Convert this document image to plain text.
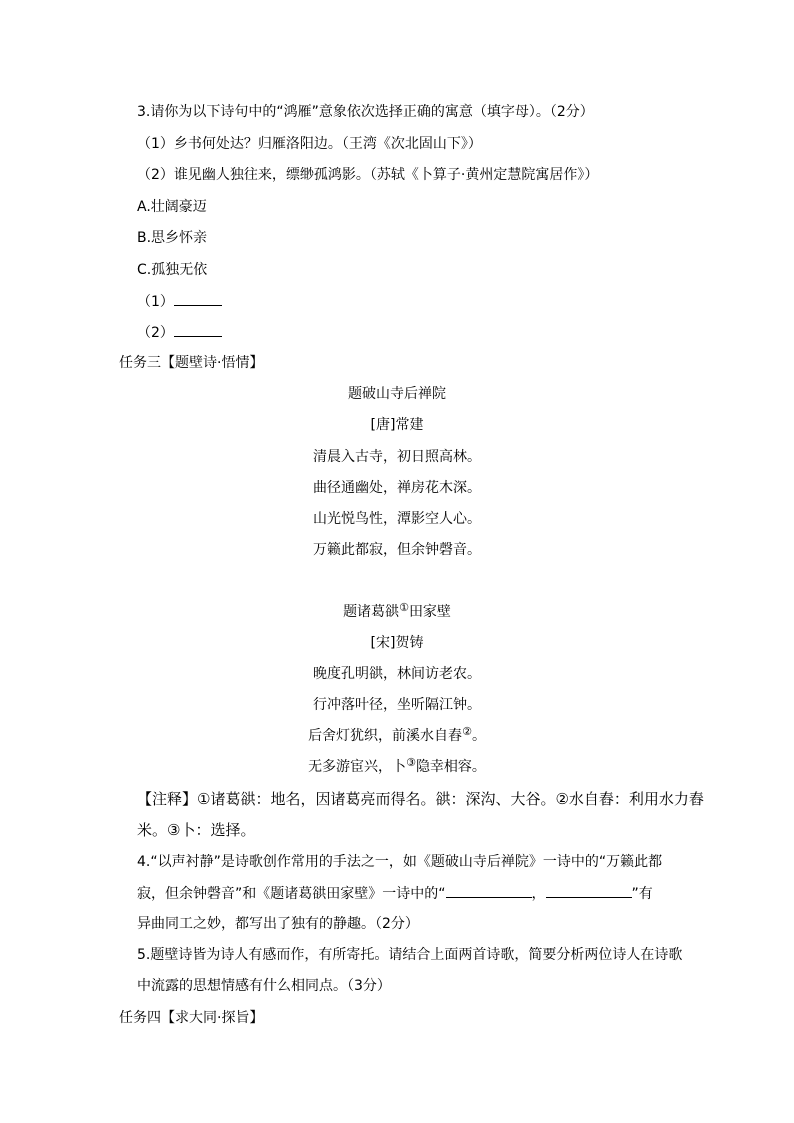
3.请你为以下诗句中的“鸿雁”意象依次选择正确的寓意（填字母）。（2分）
（1）乡书何处达？归雁洛阳边。（王湾《次北固山下》）
（2）谁见幽人独往来，缥缈孤鸿影。（苏轼《卜算子·黄州定慧院寓居作》）
A.壮阔豪迈
B.思乡怀亲
C.孤独无依
（1）
（2）
任务三【题壁诗·悟情】
题破山寺后禅院
[唐]常建
清晨入古寺，初日照高林。
曲径通幽处，禅房花木深。
山光悦鸟性，潭影空人心。
万籁此都寂，但余钟磬音。
题诸葛谼①田家壁
[宋]贺铸
晚度孔明谼，林间访老农。
行冲落叶径，坐听隔江钟。
后舍灯犹织，前溪水自舂②。
无多游宦兴，卜③隐幸相容。
【注释】①诸葛谼：地名，因诸葛亮而得名。谼：深沟、大谷。②水自舂：利用水力舂
米。③卜：选择。
4.“以声衬静”是诗歌创作常用的手法之一，如《题破山寺后禅院》一诗中的“万籁此都
寂，但余钟磬音”和《题诸葛谼田家壁》一诗中的“	，	”有
异曲同工之妙，都写出了独有的静趣。（2分）
5.题壁诗皆为诗人有感而作，有所寄托。请结合上面两首诗歌，简要分析两位诗人在诗歌
中流露的思想情感有什么相同点。（3分）
任务四【求大同·探旨】
